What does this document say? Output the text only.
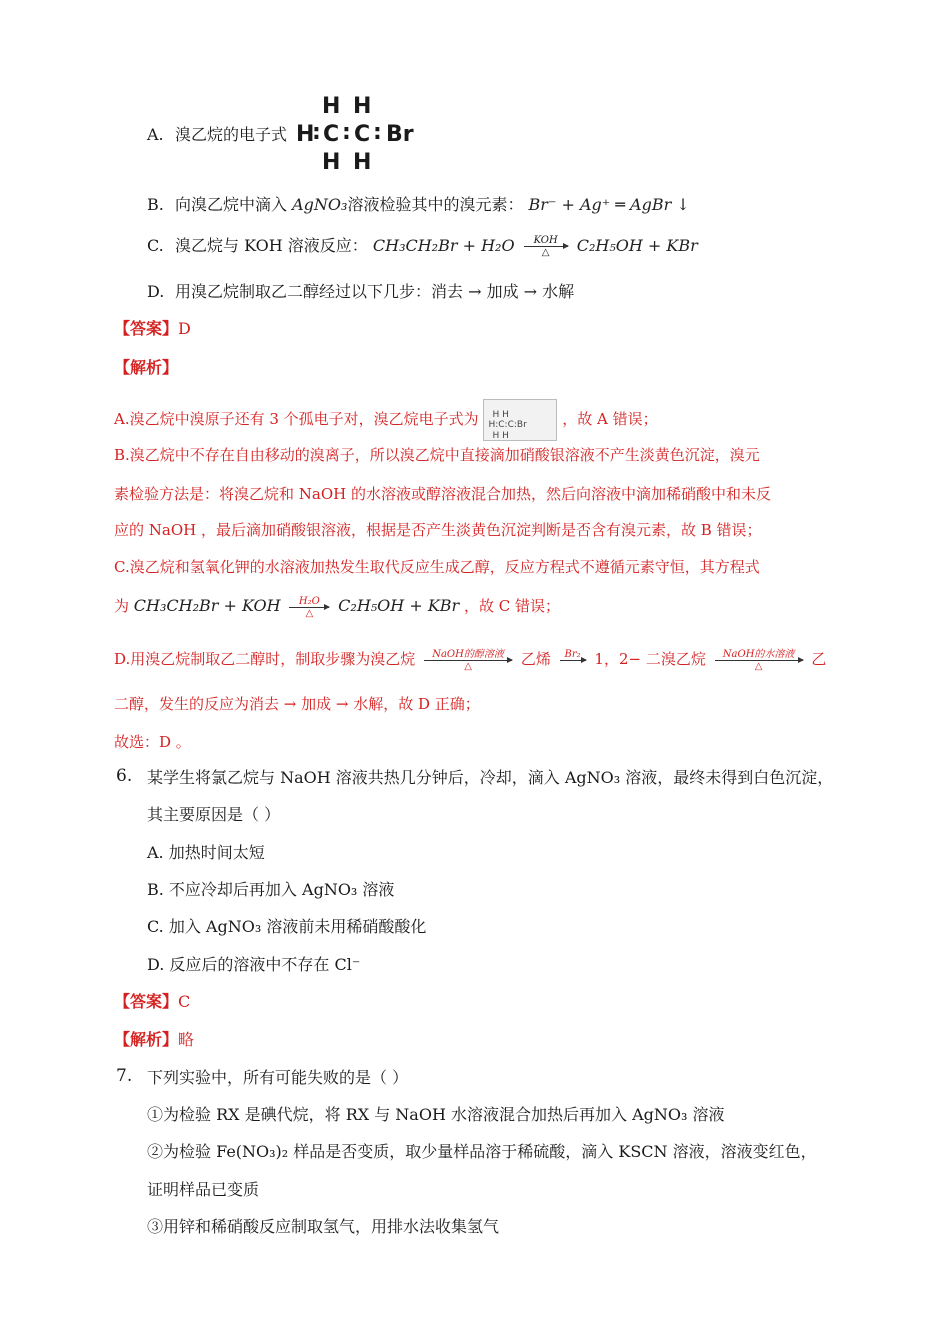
A. 溴乙烷的电子式
H H
H
: C : C : Br
H H
B. 向溴乙烷中滴入 AgNO₃溶液检验其中的溴元素： Br⁻ + Ag⁺ ═ AgBr ↓
C. 溴乙烷与 KOH 溶液反应： CH₃CH₂Br + H₂O	KOH
△	C₂H₅OH + KBr
D. 用溴乙烷制取乙二醇经过以下几步：消去 → 加成 → 水解
【答案】D
【解析】
A.溴乙烷中溴原子还有 3 个孤电子对，溴乙烷电子式为 H H
H:C:C:Br
H H
，故 A 错误；
B.溴乙烷中不存在自由移动的溴离子，所以溴乙烷中直接滴加硝酸银溶液不产生淡黄色沉淀，溴元
素检验方法是：将溴乙烷和 NaOH 的水溶液或醇溶液混合加热，然后向溶液中滴加稀硝酸中和未反
应的 NaOH ，最后滴加硝酸银溶液，根据是否产生淡黄色沉淀判断是否含有溴元素，故 B 错误；
C.溴乙烷和氢氧化钾的水溶液加热发生取代反应生成乙醇，反应方程式不遵循元素守恒，其方程式
为 CH₃CH₂Br + KOH	H₂O
△	C₂H₅OH + KBr ，故 C 错误；
D.用溴乙烷制取乙二醇时，制取步骤为溴乙烷	NaOH的醇溶液
△	乙烯	Br₂
1，2− 二溴乙烷	NaOH的水溶液
△	乙
二醇，发生的反应为消去 → 加成 → 水解，故 D 正确；
故选：D 。
6. 某学生将氯乙烷与 NaOH 溶液共热几分钟后，冷却，滴入 AgNO₃ 溶液，最终未得到白色沉淀，
其主要原因是（ ）
A. 加热时间太短
B. 不应冷却后再加入 AgNO₃ 溶液
C. 加入 AgNO₃ 溶液前未用稀硝酸酸化
D. 反应后的溶液中不存在 Cl⁻
【答案】C
【解析】略
7. 下列实验中，所有可能失败的是（ ）
①为检验 RX 是碘代烷，将 RX 与 NaOH 水溶液混合加热后再加入 AgNO₃ 溶液
②为检验 Fe(NO₃)₂ 样品是否变质，取少量样品溶于稀硫酸，滴入 KSCN 溶液，溶液变红色，
证明样品已变质
③用锌和稀硝酸反应制取氢气，用排水法收集氢气
